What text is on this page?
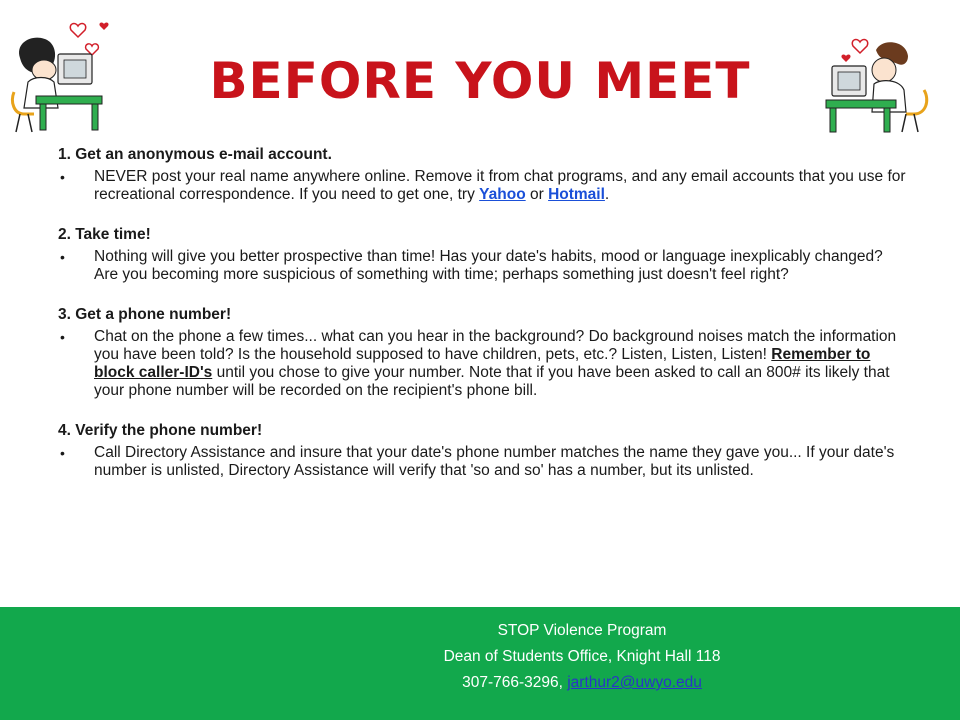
BEFORE YOU MEET
1. Get an anonymous e-mail account.
• NEVER post your real name anywhere online. Remove it from chat programs, and any email accounts that you use for recreational correspondence. If you need to get one, try Yahoo or Hotmail.
2. Take time!
• Nothing will give you better prospective than time! Has your date's habits, mood or language inexplicably changed? Are you becoming more suspicious of something with time; perhaps something just doesn't feel right?
3. Get a phone number!
• Chat on the phone a few times... what can you hear in the background? Do background noises match the information you have been told? Is the household supposed to have children, pets, etc.? Listen, Listen, Listen! Remember to block caller-ID's until you chose to give your number. Note that if you have been asked to call an 800# its likely that your phone number will be recorded on the recipient's phone bill.
4. Verify the phone number!
• Call Directory Assistance and insure that your date's phone number matches the name they gave you... If your date's number is unlisted, Directory Assistance will verify that 'so and so' has a number, but its unlisted.
STOP Violence Program
Dean of Students Office, Knight Hall 118
307-766-3296, jarthur2@uwyo.edu
